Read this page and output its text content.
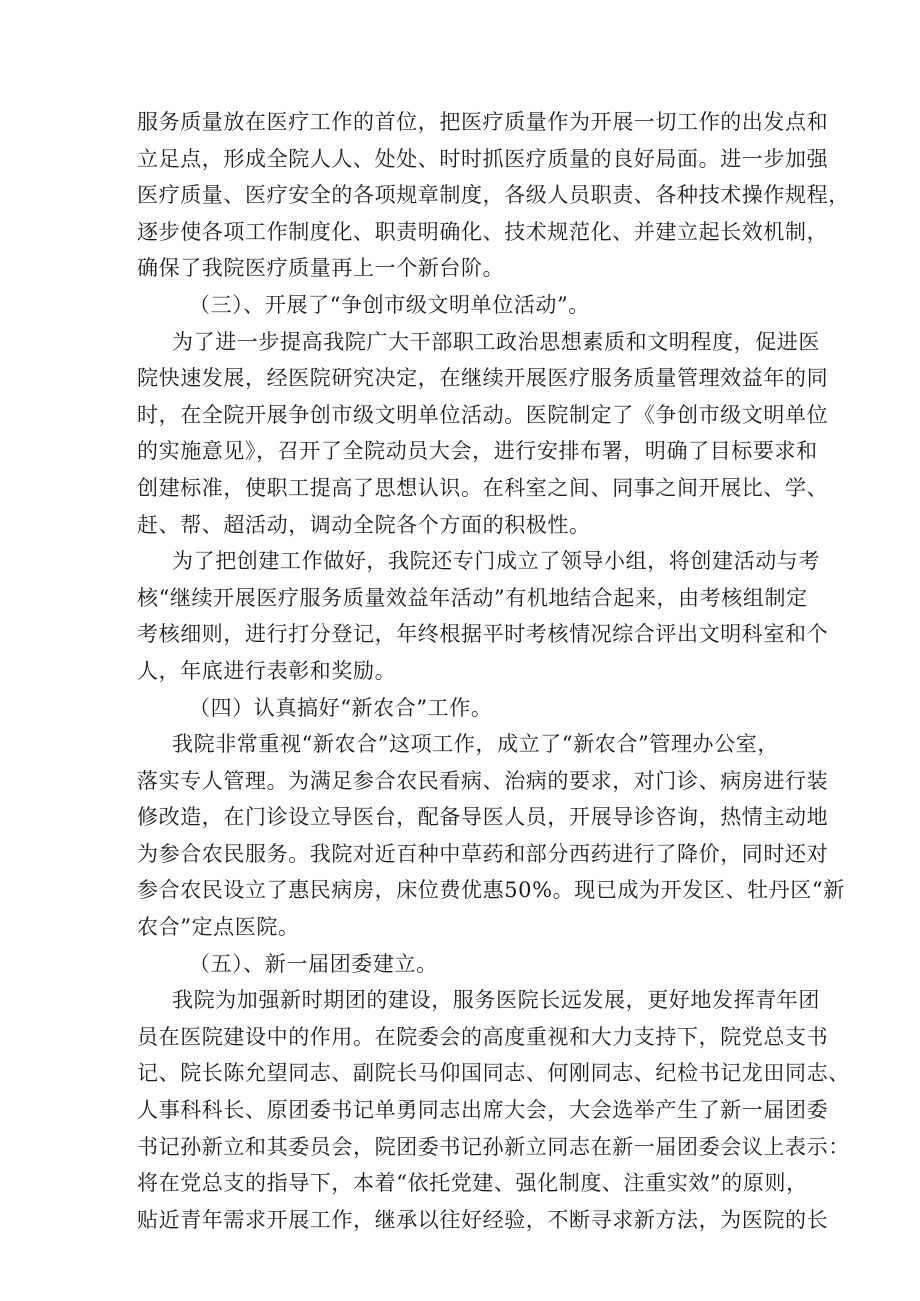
服务质量放在医疗工作的首位，把医疗质量作为开展一切工作的出发点和
立足点，形成全院人人、处处、时时抓医疗质量的良好局面。进一步加强
医疗质量、医疗安全的各项规章制度，各级人员职责、各种技术操作规程，
逐步使各项工作制度化、职责明确化、技术规范化、并建立起长效机制，
确保了我院医疗质量再上一个新台阶。
（三）、开展了“争创市级文明单位活动”。
为了进一步提高我院广大干部职工政治思想素质和文明程度，促进医
院快速发展，经医院研究决定，在继续开展医疗服务质量管理效益年的同
时，在全院开展争创市级文明单位活动。医院制定了《争创市级文明单位
的实施意见》，召开了全院动员大会，进行安排布署，明确了目标要求和
创建标准，使职工提高了思想认识。在科室之间、同事之间开展比、学、
赶、帮、超活动，调动全院各个方面的积极性。
为了把创建工作做好，我院还专门成立了领导小组，将创建活动与考
核“继续开展医疗服务质量效益年活动”有机地结合起来，由考核组制定
考核细则，进行打分登记，年终根据平时考核情况综合评出文明科室和个
人，年底进行表彰和奖励。
（四）认真搞好“新农合”工作。
我院非常重视“新农合”这项工作，成立了“新农合”管理办公室，
落实专人管理。为满足参合农民看病、治病的要求，对门诊、病房进行装
修改造，在门诊设立导医台，配备导医人员，开展导诊咨询，热情主动地
为参合农民服务。我院对近百种中草药和部分西药进行了降价，同时还对
参合农民设立了惠民病房，床位费优惠50%。现已成为开发区、牡丹区“新
农合”定点医院。
（五）、新一届团委建立。
我院为加强新时期团的建设，服务医院长远发展，更好地发挥青年团
员在医院建设中的作用。在院委会的高度重视和大力支持下，院党总支书
记、院长陈允望同志、副院长马仰国同志、何刚同志、纪检书记龙田同志、
人事科科长、原团委书记单勇同志出席大会，大会选举产生了新一届团委
书记孙新立和其委员会，院团委书记孙新立同志在新一届团委会议上表示：
将在党总支的指导下，本着“依托党建、强化制度、注重实效”的原则，
贴近青年需求开展工作，继承以往好经验，不断寻求新方法，为医院的长
